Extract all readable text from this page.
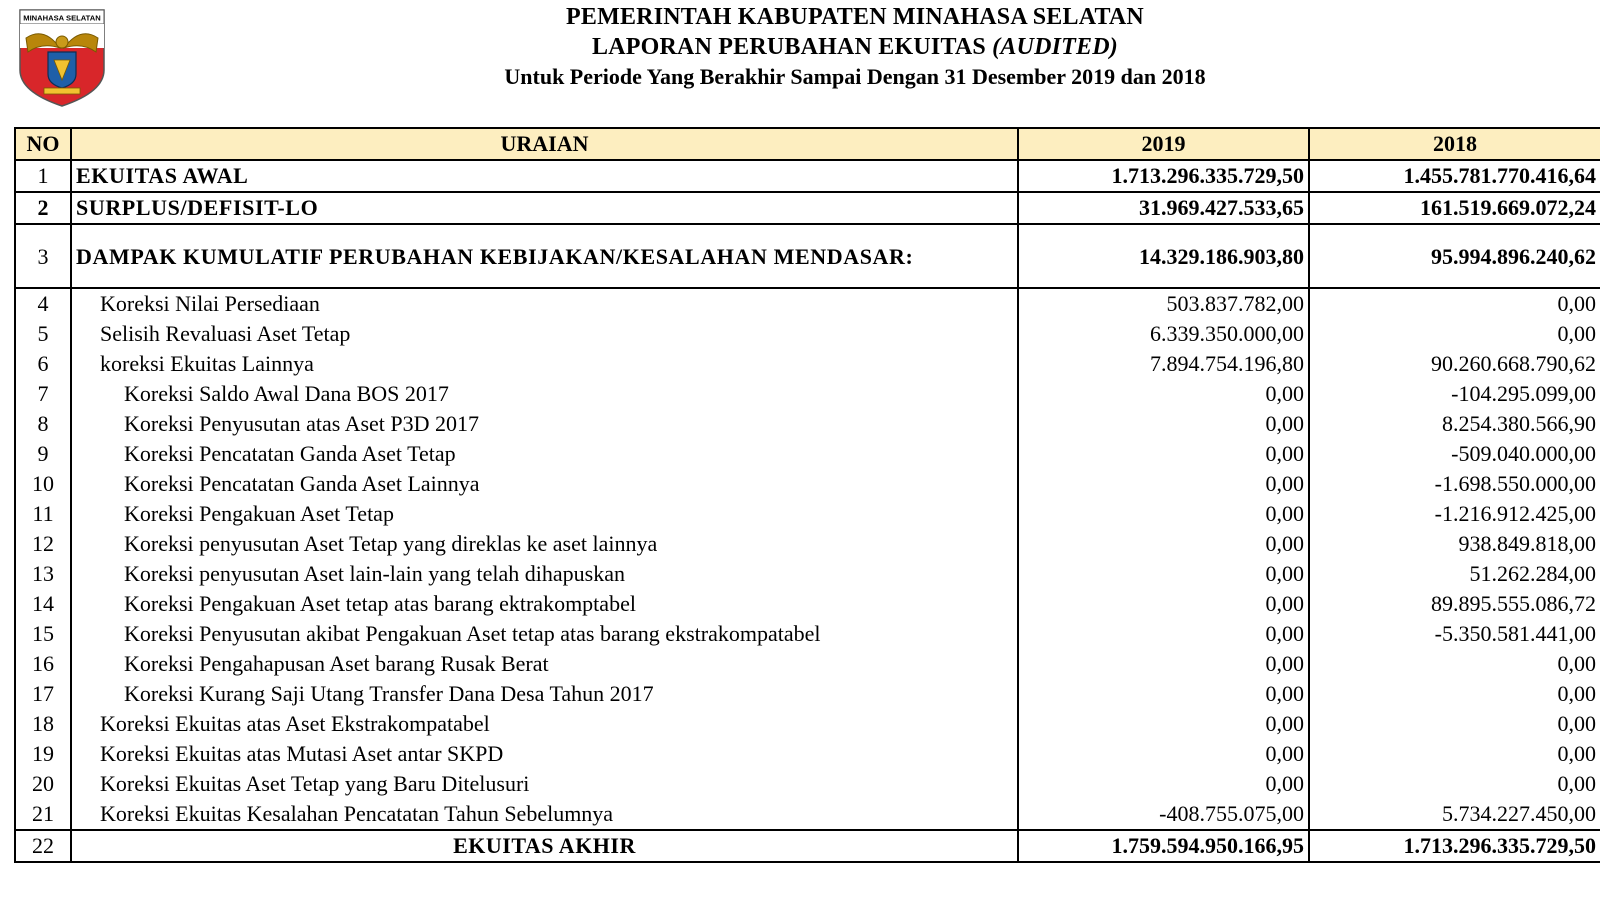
MINAHASA SELATAN	PEMERINTAH KABUPATEN MINAHASA SELATAN
LAPORAN PERUBAHAN EKUITAS (AUDITED)
Untuk Periode Yang Berakhir Sampai Dengan 31 Desember 2019 dan 2018
NO	URAIAN	2019	2018
1	EKUITAS AWAL	1.713.296.335.729,50	1.455.781.770.416,64
2	SURPLUS/DEFISIT-LO	31.969.427.533,65	161.519.669.072,24
3	DAMPAK KUMULATIF PERUBAHAN KEBIJAKAN/KESALAHAN MENDASAR:	14.329.186.903,80	95.994.896.240,62
4	Koreksi Nilai Persediaan	503.837.782,00	0,00
5	Selisih Revaluasi Aset Tetap	6.339.350.000,00	0,00
6	koreksi Ekuitas Lainnya	7.894.754.196,80	90.260.668.790,62
7	Koreksi Saldo Awal Dana BOS 2017	0,00	-104.295.099,00
8	Koreksi Penyusutan atas Aset P3D 2017	0,00	8.254.380.566,90
9	Koreksi Pencatatan Ganda Aset Tetap	0,00	-509.040.000,00
10	Koreksi Pencatatan Ganda Aset Lainnya	0,00	-1.698.550.000,00
11	Koreksi Pengakuan Aset Tetap	0,00	-1.216.912.425,00
12	Koreksi penyusutan Aset Tetap yang direklas ke aset lainnya	0,00	938.849.818,00
13	Koreksi penyusutan Aset lain-lain yang telah dihapuskan	0,00	51.262.284,00
14	Koreksi Pengakuan Aset tetap atas barang ektrakomptabel	0,00	89.895.555.086,72
15	Koreksi Penyusutan akibat Pengakuan Aset tetap atas barang ekstrakompatabel	0,00	-5.350.581.441,00
16	Koreksi Pengahapusan Aset barang Rusak Berat	0,00	0,00
17	Koreksi Kurang Saji Utang Transfer Dana Desa Tahun 2017	0,00	0,00
18	Koreksi Ekuitas atas Aset Ekstrakompatabel	0,00	0,00
19	Koreksi Ekuitas atas Mutasi Aset antar SKPD	0,00	0,00
20	Koreksi Ekuitas Aset Tetap yang Baru Ditelusuri	0,00	0,00
21	Koreksi Ekuitas Kesalahan Pencatatan Tahun Sebelumnya	-408.755.075,00	5.734.227.450,00
22	EKUITAS AKHIR	1.759.594.950.166,95	1.713.296.335.729,50
